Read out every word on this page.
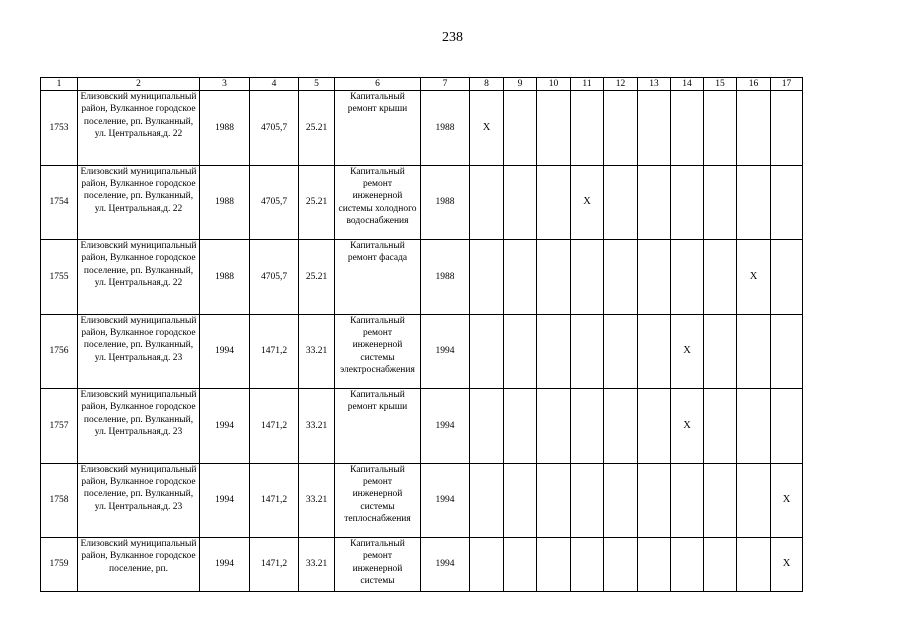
238
1	2	3	4	5	6	7	8	9	10	11	12	13	14	15	16	17
1753	Елизовский муниципальный район, Вулканное городское поселение, рп. Вулканный, ул. Центральная,д. 22	1988	4705,7	25.21	Капитальный ремонт крыши	1988	X									
1754	Елизовский муниципальный район, Вулканное городское поселение, рп. Вулканный, ул. Центральная,д. 22	1988	4705,7	25.21	Капитальный ремонт инженерной системы холодного водоснабжения	1988				X						
1755	Елизовский муниципальный район, Вулканное городское поселение, рп. Вулканный, ул. Центральная,д. 22	1988	4705,7	25.21	Капитальный ремонт фасада	1988									X	
1756	Елизовский муниципальный район, Вулканное городское поселение, рп. Вулканный, ул. Центральная,д. 23	1994	1471,2	33.21	Капитальный ремонт инженерной системы электроснабжения	1994							X			
1757	Елизовский муниципальный район, Вулканное городское поселение, рп. Вулканный, ул. Центральная,д. 23	1994	1471,2	33.21	Капитальный ремонт крыши	1994							X			
1758	Елизовский муниципальный район, Вулканное городское поселение, рп. Вулканный, ул. Центральная,д. 23	1994	1471,2	33.21	Капитальный ремонт инженерной системы теплоснабжения	1994										X
1759	Елизовский муниципальный район, Вулканное городское поселение, рп.	1994	1471,2	33.21	Капитальный ремонт инженерной системы	1994										X
